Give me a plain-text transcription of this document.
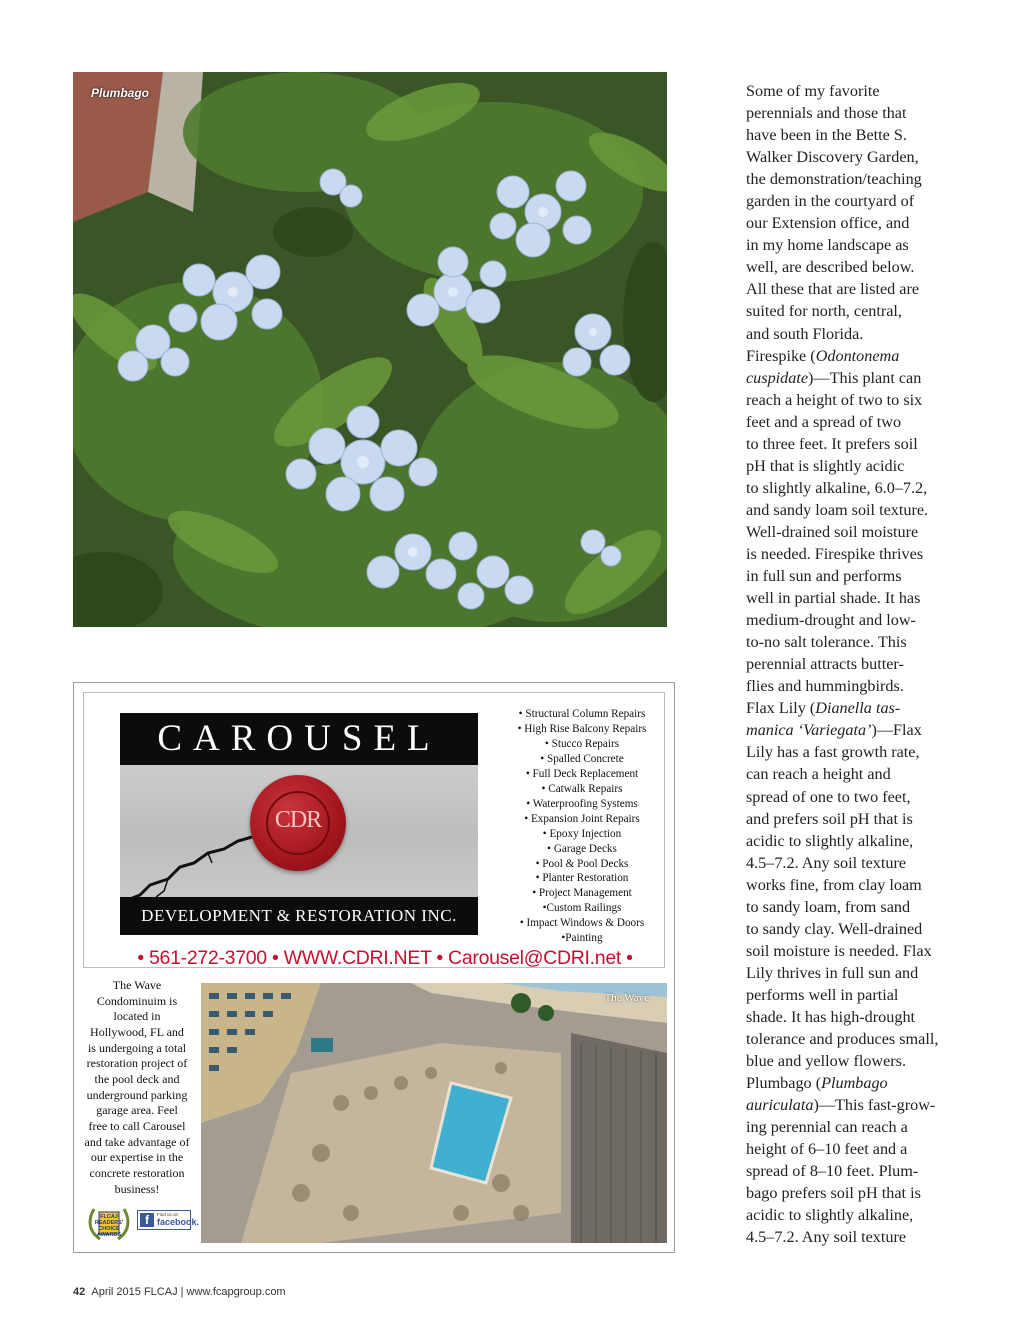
Plumbago	Some of my favorite
perennials and those that
have been in the Bette S.
Walker Discovery Garden,
the demonstration/teaching
garden in the courtyard of
our Extension office, and
in my home landscape as
well, are described below.
All these that are listed are
suited for north, central,
and south Florida.

Firespike (Odontonema
cuspidate)—This plant can
reach a height of two to six
feet and a spread of two
to three feet. It prefers soil
pH that is slightly acidic
to slightly alkaline, 6.0–7.2,
and sandy loam soil texture.
Well-drained soil moisture
is needed. Firespike thrives
in full sun and performs
well in partial shade. It has
medium-drought and low-
to-no salt tolerance. This
perennial attracts butter-
flies and hummingbirds.

Flax Lily (Dianella tas-
manica ‘Variegata’)—Flax
Lily has a fast growth rate,
can reach a height and
spread of one to two feet,
and prefers soil pH that is
acidic to slightly alkaline,
4.5–7.2. Any soil texture
works fine, from clay loam
to sandy loam, from sand
to sandy clay. Well-drained
soil moisture is needed. Flax
Lily thrives in full sun and
performs well in partial
shade. It has high-drought
tolerance and produces small,
blue and yellow flowers.

Plumbago (Plumbago
auriculata)—This fast-grow-
ing perennial can reach a
height of 6–10 feet and a
spread of 8–10 feet. Plum-
bago prefers soil pH that is
acidic to slightly alkaline,
4.5–7.2. Any soil texture

CAROUSEL
CDR
DEVELOPMENT & RESTORATION INC.
• Structural Column Repairs
• High Rise Balcony Repairs
• Stucco Repairs
• Spalled Concrete
• Full Deck Replacement
• Catwalk Repairs
• Waterproofing Systems
• Expansion Joint Repairs
• Epoxy Injection
• Garage Decks
• Pool & Pool Decks
• Planter Restoration
• Project Management
•Custom Railings
• Impact Windows & Doors
•Painting
• 561-272-3700 • WWW.CDRI.NET • Carousel@CDRI.net •
The Wave
Condominuim is
located in
Hollywood, FL and
is undergoing a total
restoration project of
the pool deck and
underground parking
garage area. Feel
free to call Carousel
and take advantage of
our expertise in the
concrete restoration
business!
The Wave
FLCAJ
READERS'
CHOICE
AWARDS
f	Find us on
facebook.
42 April 2015 FLCAJ | www.fcapgroup.com
